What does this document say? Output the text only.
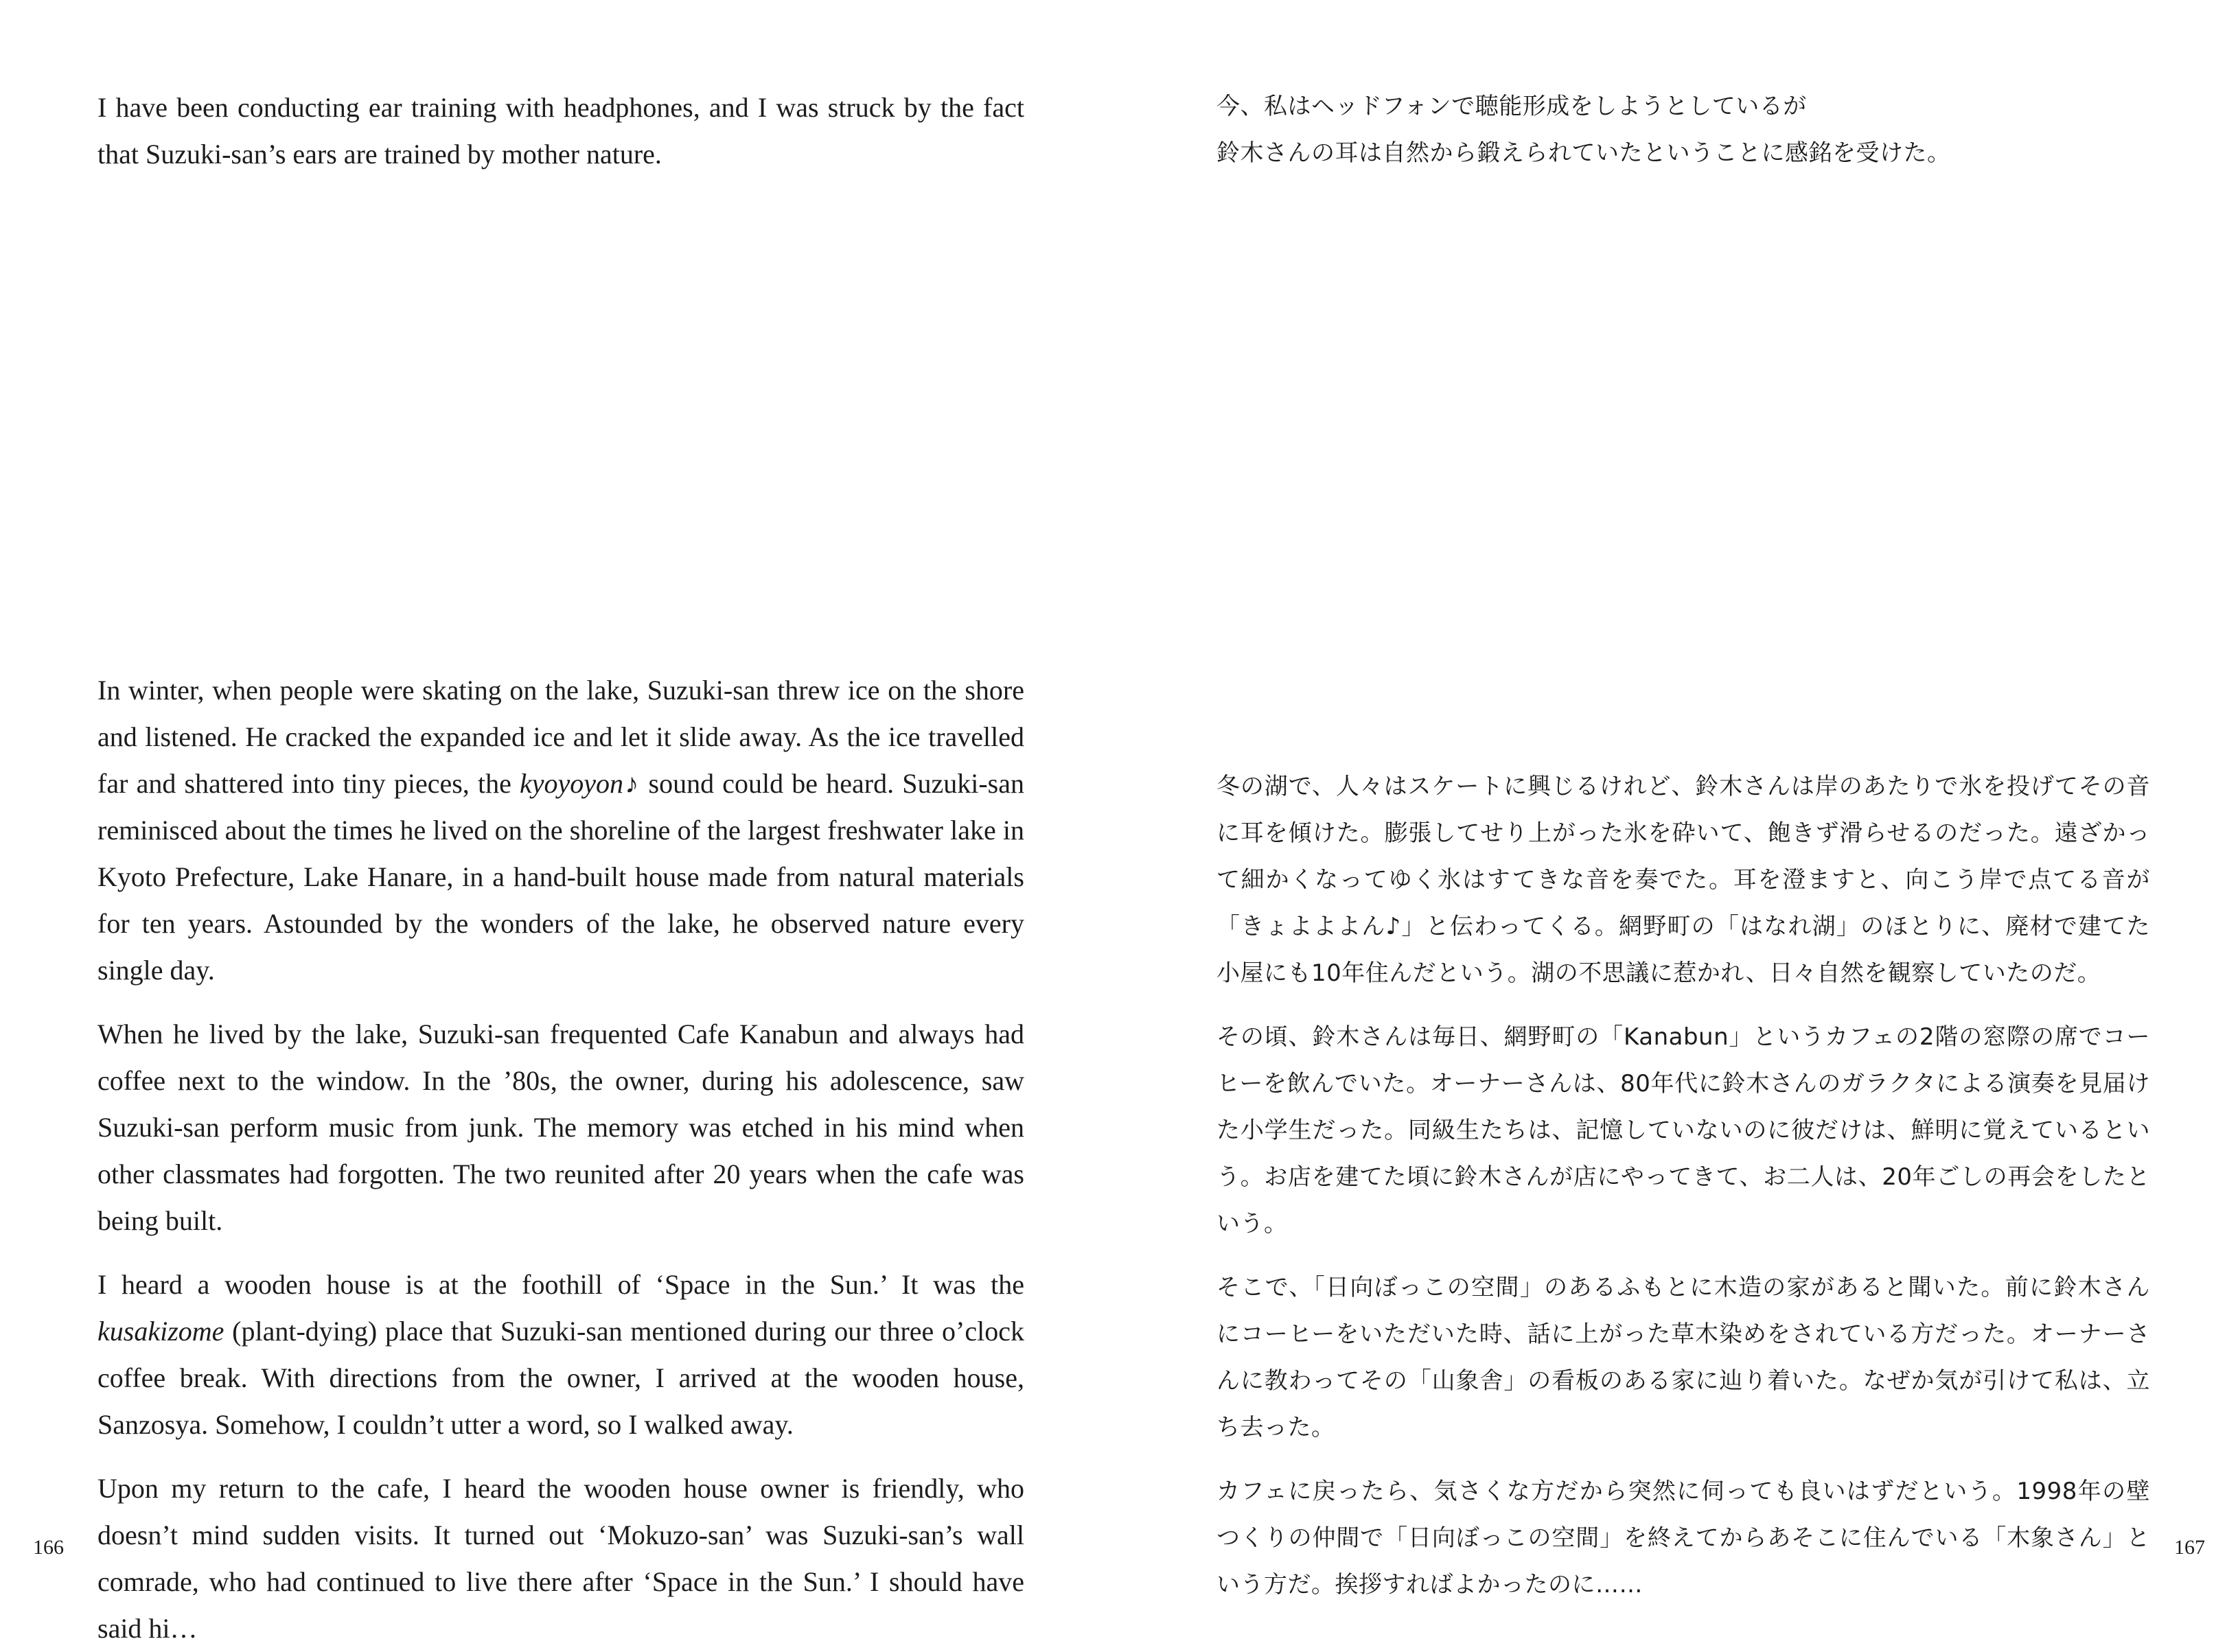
I have been conducting ear training with headphones, and I was struck by the fact that Suzuki-san’s ears are trained by mother nature.

In winter, when people were skating on the lake, Suzuki-san threw ice on the shore and listened. He cracked the expanded ice and let it slide away. As the ice travelled far and shattered into tiny pieces, the kyoyoyon♪ sound could be heard. Suzuki-san reminisced about the times he lived on the shoreline of the largest freshwater lake in Kyoto Prefecture, Lake Hanare, in a hand-built house made from natural materials for ten years. Astounded by the wonders of the lake, he observed nature every single day.

When he lived by the lake, Suzuki-san frequented Cafe Kanabun and always had coffee next to the window. In the ’80s, the owner, during his adolescence, saw Suzuki-san perform music from junk. The memory was etched in his mind when other classmates had forgotten. The two reunited after 20 years when the cafe was being built.

I heard a wooden house is at the foothill of ‘Space in the Sun.’ It was the kusakizome (plant-dying) place that Suzuki-san mentioned during our three o’clock coffee break. With directions from the owner, I arrived at the wooden house, Sanzosya. Somehow, I couldn’t utter a word, so I walked away.

Upon my return to the cafe, I heard the wooden house owner is friendly, who doesn’t mind sudden visits. It turned out ‘Mokuzo-san’ was Suzuki-san’s wall comrade, who had continued to live there after ‘Space in the Sun.’ I should have said hi…

166

今、私はヘッドフォンで聴能形成をしようとしているが

鈴木さんの耳は自然から鍛えられていたということに感銘を受けた。

冬の湖で、人々はスケートに興じるけれど、鈴木さんは岸のあたりで氷を投げてその音に耳を傾けた。膨張してせり上がった氷を砕いて、飽きず滑らせるのだった。遠ざかって細かくなってゆく氷はすてきな音を奏でた。耳を澄ますと、向こう岸で点てる音が「きょよよよん♪」と伝わってくる。網野町の「はなれ湖」のほとりに、廃材で建てた小屋にも10年住んだという。湖の不思議に惹かれ、日々自然を観察していたのだ。

その頃、鈴木さんは毎日、網野町の「Kanabun」というカフェの2階の窓際の席でコーヒーを飲んでいた。オーナーさんは、80年代に鈴木さんのガラクタによる演奏を見届けた小学生だった。同級生たちは、記憶していないのに彼だけは、鮮明に覚えているという。お店を建てた頃に鈴木さんが店にやってきて、お二人は、20年ごしの再会をしたという。

そこで、「日向ぼっこの空間」のあるふもとに木造の家があると聞いた。前に鈴木さんにコーヒーをいただいた時、話に上がった草木染めをされている方だった。オーナーさんに教わってその「山象舎」の看板のある家に辿り着いた。なぜか気が引けて私は、立ち去った。

カフェに戻ったら、気さくな方だから突然に伺っても良いはずだという。1998年の壁つくりの仲間で「日向ぼっこの空間」を終えてからあそこに住んでいる「木象さん」という方だ。挨拶すればよかったのに……

167
